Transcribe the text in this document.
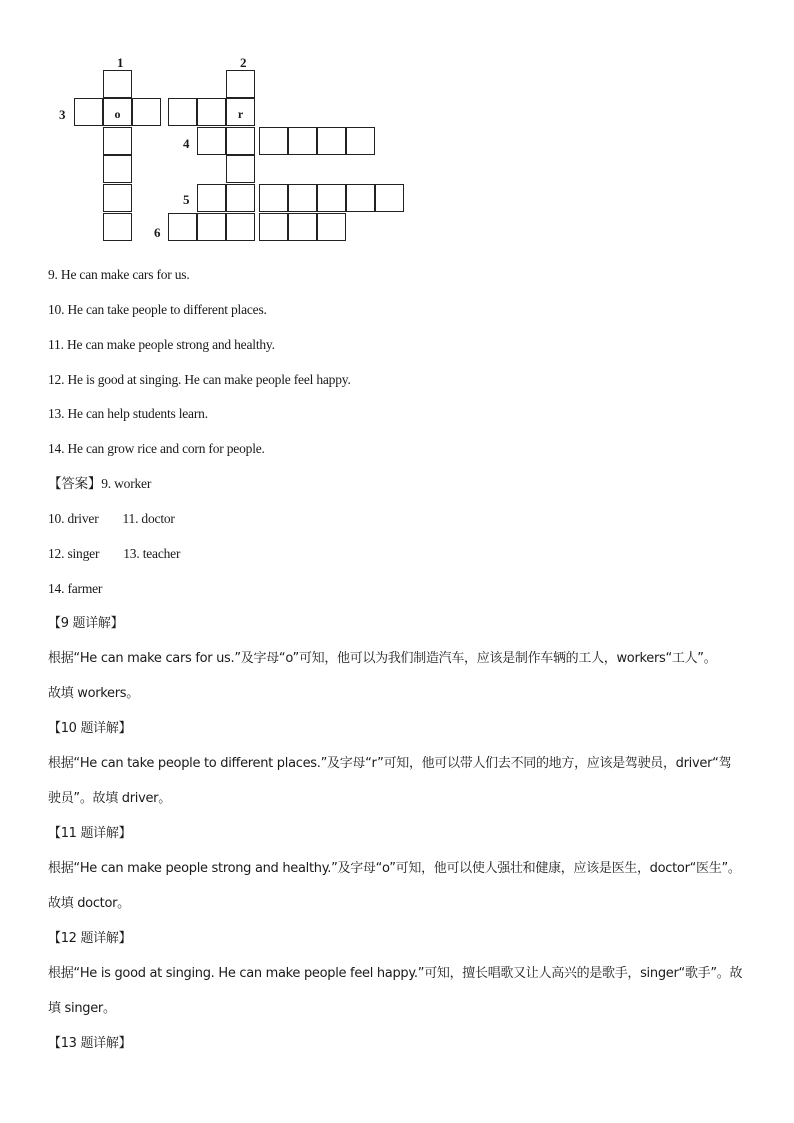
1	2
3
4
5
6
o	r
9. He can make cars for us.
10. He can take people to different places.
11. He can make people strong and healthy.
12. He is good at singing. He can make people feel happy.
13. He can help students learn.
14. He can grow rice and corn for people.
【答案】9. worker
10. driver 11. doctor
12. singer 13. teacher
14. farmer
【9 题详解】
根据“He can make cars for us.”及字母“o”可知，他可以为我们制造汽车，应该是制作车辆的工人，workers“工人”。
故填 workers。
【10 题详解】
根据“He can take people to different places.”及字母“r”可知，他可以带人们去不同的地方，应该是驾驶员，driver“驾
驶员”。故填 driver。
【11 题详解】
根据“He can make people strong and healthy.”及字母“o”可知，他可以使人强壮和健康，应该是医生，doctor“医生”。
故填 doctor。
【12 题详解】
根据“He is good at singing. He can make people feel happy.”可知，擅长唱歌又让人高兴的是歌手，singer“歌手”。故
填 singer。
【13 题详解】
